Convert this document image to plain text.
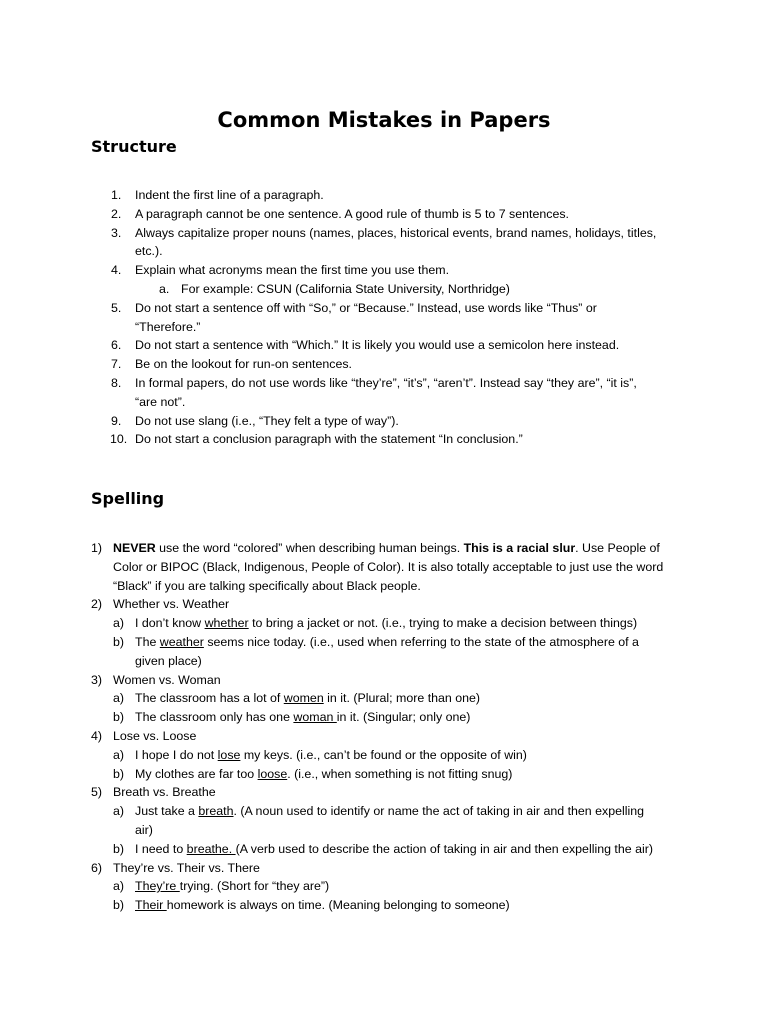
Common Mistakes in Papers
Structure
1.	Indent the first line of a paragraph.
2.	A paragraph cannot be one sentence. A good rule of thumb is 5 to 7 sentences.
3.	Always capitalize proper nouns (names, places, historical events, brand names, holidays, titles,
etc.).
4.	Explain what acronyms mean the first time you use them.
a. For example: CSUN (California State University, Northridge)
5.	Do not start a sentence off with “So,” or “Because.” Instead, use words like “Thus” or
“Therefore.”
6.	Do not start a sentence with “Which.” It is likely you would use a semicolon here instead.
7.	Be on the lookout for run-on sentences.
8.	In formal papers, do not use words like “they’re”, “it’s”, “aren’t”. Instead say “they are”, “it is”,
“are not”.
9.	Do not use slang (i.e., “They felt a type of way”).
10. Do not start a conclusion paragraph with the statement “In conclusion.”
Spelling
1) NEVER use the word “colored” when describing human beings. This is a racial slur. Use People of
Color or BIPOC (Black, Indigenous, People of Color). It is also totally acceptable to just use the word
“Black” if you are talking specifically about Black people.
2) Whether vs. Weather
a) I don’t know whether to bring a jacket or not. (i.e., trying to make a decision between things)
b) The weather seems nice today. (i.e., used when referring to the state of the atmosphere of a
given place)
3) Women vs. Woman
a) The classroom has a lot of women in it. (Plural; more than one)
b) The classroom only has one woman in it. (Singular; only one)
4) Lose vs. Loose
a) I hope I do not lose my keys. (i.e., can’t be found or the opposite of win)
b) My clothes are far too loose. (i.e., when something is not fitting snug)
5) Breath vs. Breathe
a) Just take a breath. (A noun used to identify or name the act of taking in air and then expelling
air)
b) I need to breathe. (A verb used to describe the action of taking in air and then expelling the air)
6) They’re vs. Their vs. There
a) They’re trying. (Short for “they are”)
b) Their homework is always on time. (Meaning belonging to someone)
